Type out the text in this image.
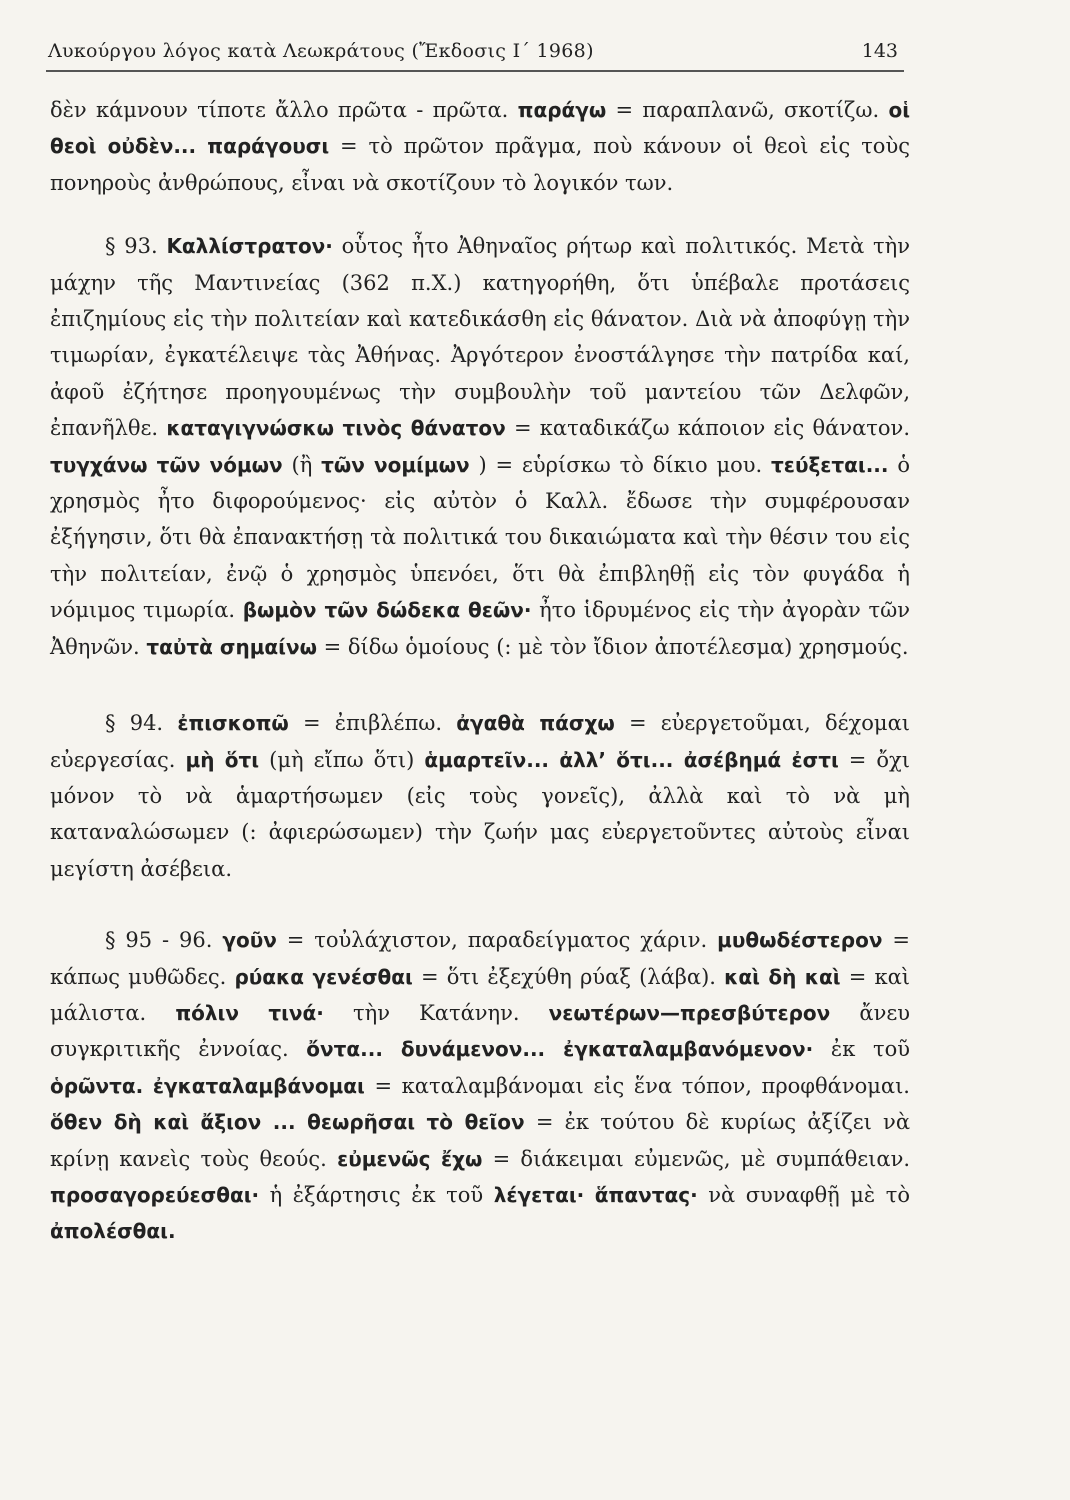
Λυκούργου λόγος κατὰ Λεωκράτους (Ἔκδοσις Ι΄ 1968)	143

δὲν κάμνουν τίποτε ἄλλο πρῶτα - πρῶτα. παράγω = παραπλανῶ, σκοτίζω. οἱ θεοὶ οὐδὲν... παράγουσι = τὸ πρῶτον πρᾶγμα, ποὺ κάνουν οἱ θεοὶ εἰς τοὺς πονηροὺς ἀνθρώπους, εἶναι νὰ σκοτίζουν τὸ λογικόν των.

§ 93. Καλλίστρατον· οὗτος ἦτο Ἀθηναῖος ρήτωρ καὶ πολιτικός. Μετὰ τὴν μάχην τῆς Μαντινείας (362 π.Χ.) κατηγορήθη, ὅτι ὑπέβαλε προτάσεις ἐπιζημίους εἰς τὴν πολιτείαν καὶ κατεδικάσθη εἰς θάνατον. Διὰ νὰ ἀποφύγῃ τὴν τιμωρίαν, ἐγκατέλειψε τὰς Ἀθήνας. Ἀργότερον ἐνοστάλγησε τὴν πατρίδα καί, ἀφοῦ ἐζήτησε προηγουμένως τὴν συμβουλὴν τοῦ μαντείου τῶν Δελφῶν, ἐπανῆλθε. καταγιγνώσκω τινὸς θάνατον = καταδικάζω κάποιον εἰς θάνατον. τυγχάνω τῶν νόμων (ἢ τῶν νομίμων ) = εὑρίσκω τὸ δίκιο μου. τεύξεται... ὁ χρησμὸς ἦτο διφορούμενος· εἰς αὐτὸν ὁ Καλλ. ἔδωσε τὴν συμφέρουσαν ἐξήγησιν, ὅτι θὰ ἐπανακτήσῃ τὰ πολιτικά του δικαιώματα καὶ τὴν θέσιν του εἰς τὴν πολιτείαν, ἐνῷ ὁ χρησμὸς ὑπενόει, ὅτι θὰ ἐπιβληθῇ εἰς τὸν φυγάδα ἡ νόμιμος τιμωρία. βωμὸν τῶν δώδεκα θεῶν· ἦτο ἱδρυμένος εἰς τὴν ἀγορὰν τῶν Ἀθηνῶν. ταὐτὰ σημαίνω = δίδω ὁμοίους (: μὲ τὸν ἴδιον ἀποτέλεσμα) χρησμούς.

§ 94. ἐπισκοπῶ = ἐπιβλέπω. ἀγαθὰ πάσχω = εὐεργετοῦμαι, δέχομαι εὐεργεσίας. μὴ ὅτι (μὴ εἴπω ὅτι) ἁμαρτεῖν... ἀλλ’ ὅτι... ἀσέβημά ἐστι = ὄχι μόνον τὸ νὰ ἁμαρτήσωμεν (εἰς τοὺς γονεῖς), ἀλλὰ καὶ τὸ νὰ μὴ καταναλώσωμεν (: ἀφιερώσωμεν) τὴν ζωήν μας εὐεργετοῦντες αὐτοὺς εἶναι μεγίστη ἀσέβεια.

§ 95 - 96. γοῦν = τοὐλάχιστον, παραδείγματος χάριν. μυθωδέστερον = κάπως μυθῶδες. ρύακα γενέσθαι = ὅτι ἐξεχύθη ρύαξ (λάβα). καὶ δὴ καὶ = καὶ μάλιστα. πόλιν τινά· τὴν Κατάνην. νεωτέρων—πρεσβύτερον ἄνευ συγκριτικῆς ἐννοίας. ὄντα... δυνάμενον... ἐγκαταλαμβανόμενον· ἐκ τοῦ ὁρῶντα. ἐγκαταλαμβάνομαι = καταλαμβάνομαι εἰς ἕνα τόπον, προφθάνομαι. ὅθεν δὴ καὶ ἄξιον ... θεωρῆσαι τὸ θεῖον = ἐκ τούτου δὲ κυρίως ἀξίζει νὰ κρίνῃ κανεὶς τοὺς θεούς. εὐμενῶς ἔχω = διάκειμαι εὐμενῶς, μὲ συμπάθειαν. προσαγορεύεσθαι· ἡ ἐξάρτησις ἐκ τοῦ λέγεται· ἅπαντας· νὰ συναφθῇ μὲ τὸ ἀπολέσθαι.
